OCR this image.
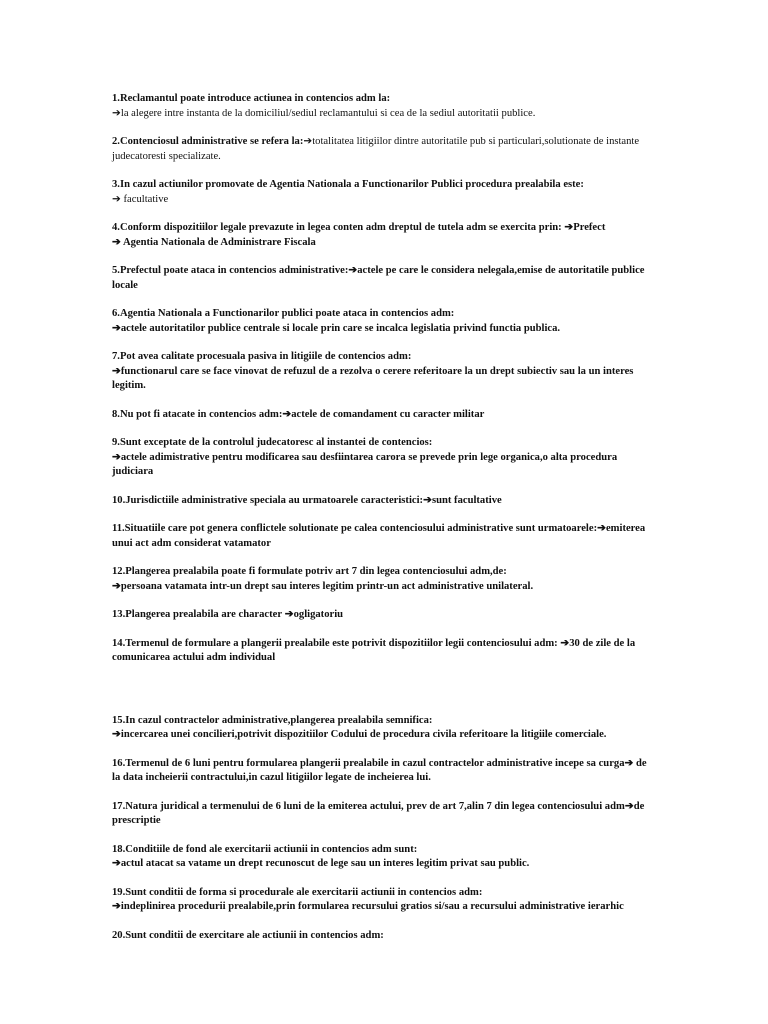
1.Reclamantul poate introduce actiunea in contencios adm la:
➔la alegere intre instanta de la domiciliul/sediul reclamantului si cea de la sediul autoritatii publice.

2.Contenciosul administrative se refera la:➔totalitatea litigiilor dintre autoritatile pub si particulari,solutionate de instante judecatoresti specializate.

3.In cazul actiunilor promovate de Agentia Nationala a Functionarilor Publici procedura prealabila este:
➔ facultative

4.Conform dispozitiilor legale prevazute in legea conten adm dreptul de tutela adm se exercita prin: ➔Prefect
➔ Agentia Nationala de Administrare Fiscala

5.Prefectul poate ataca in contencios administrative:➔actele pe care le considera nelegala,emise de autoritatile publice locale

6.Agentia Nationala a Functionarilor publici poate ataca in contencios adm:
➔actele autoritatilor publice centrale si locale prin care se incalca legislatia privind functia publica.

7.Pot avea calitate procesuala pasiva in litigiile de contencios adm:
➔functionarul care se face vinovat de refuzul de a rezolva o cerere referitoare la un drept subiectiv sau la un interes legitim.

8.Nu pot fi atacate in contencios adm:➔actele de comandament cu caracter militar

9.Sunt exceptate de la controlul judecatoresc al instantei de contencios:
➔actele adimistrative pentru modificarea sau desfiintarea carora se prevede prin lege organica,o alta procedura judiciara

10.Jurisdictiile administrative speciala au urmatoarele caracteristici:➔sunt facultative

11.Situatiile care pot genera conflictele solutionate pe calea contenciosului administrative sunt urmatoarele:➔emiterea unui act adm considerat vatamator

12.Plangerea prealabila poate fi formulate potriv art 7 din legea contenciosului adm,de:
➔persoana vatamata intr-un drept sau interes legitim printr-un act administrative unilateral.

13.Plangerea prealabila are character ➔ogligatoriu

14.Termenul de formulare a plangerii prealabile este potrivit dispozitiilor legii contenciosului adm: ➔30 de zile de la comunicarea actului adm individual

15.In cazul contractelor administrative,plangerea prealabila semnifica:
➔incercarea unei concilieri,potrivit dispozitiilor Codului de procedura civila referitoare la litigiile comerciale.

16.Termenul de 6 luni pentru formularea plangerii prealabile in cazul contractelor administrative incepe sa curga➔ de la data incheierii contractului,in cazul litigiilor legate de incheierea lui.

17.Natura juridical a termenului de 6 luni de la emiterea actului, prev de art 7,alin 7 din legea contenciosului adm➔de prescriptie

18.Conditiile de fond ale exercitarii actiunii in contencios adm sunt:
➔actul atacat sa vatame un drept recunoscut de lege sau un interes legitim privat sau public.

19.Sunt conditii de forma si procedurale ale exercitarii actiunii in contencios adm:
➔indeplinirea procedurii prealabile,prin formularea recursului gratios si/sau a recursului administrative ierarhic

20.Sunt conditii de exercitare ale actiunii in contencios adm:
